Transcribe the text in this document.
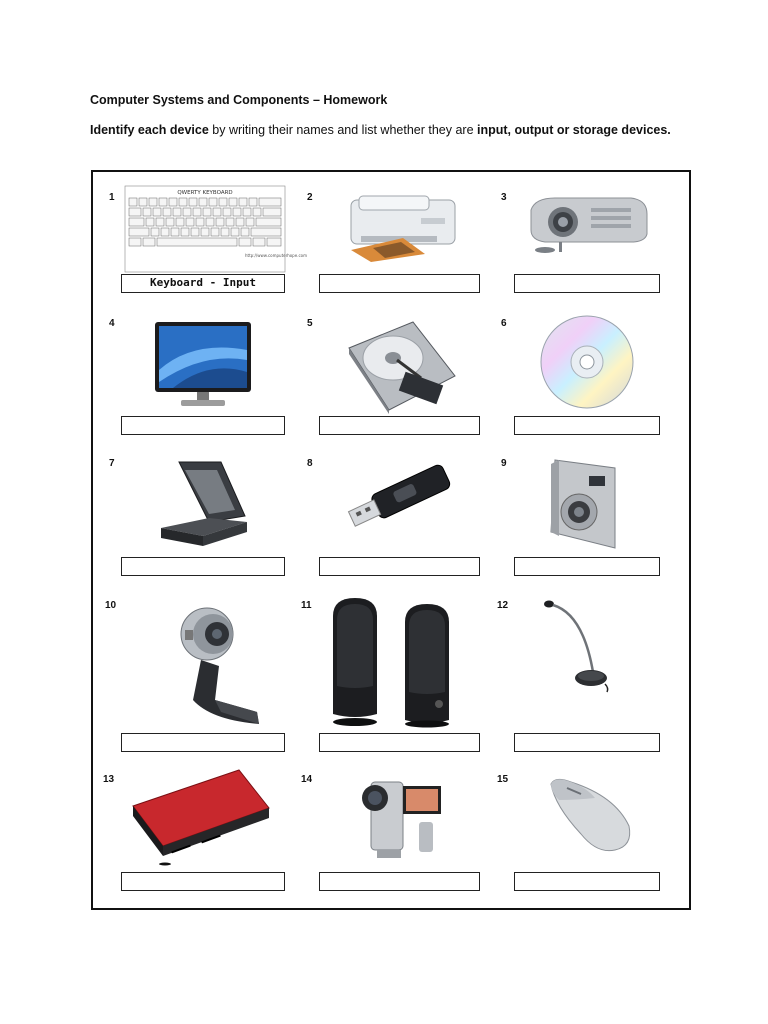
Computer Systems and Components – Homework
Identify each device by writing their names and list whether they are input, output or storage devices.
1	QWERTY KEYBOARD
http://www.computerhope.com
Keyboard - Input
2	3
4	5	6
7	8	9
10	11	12
13	14	15
